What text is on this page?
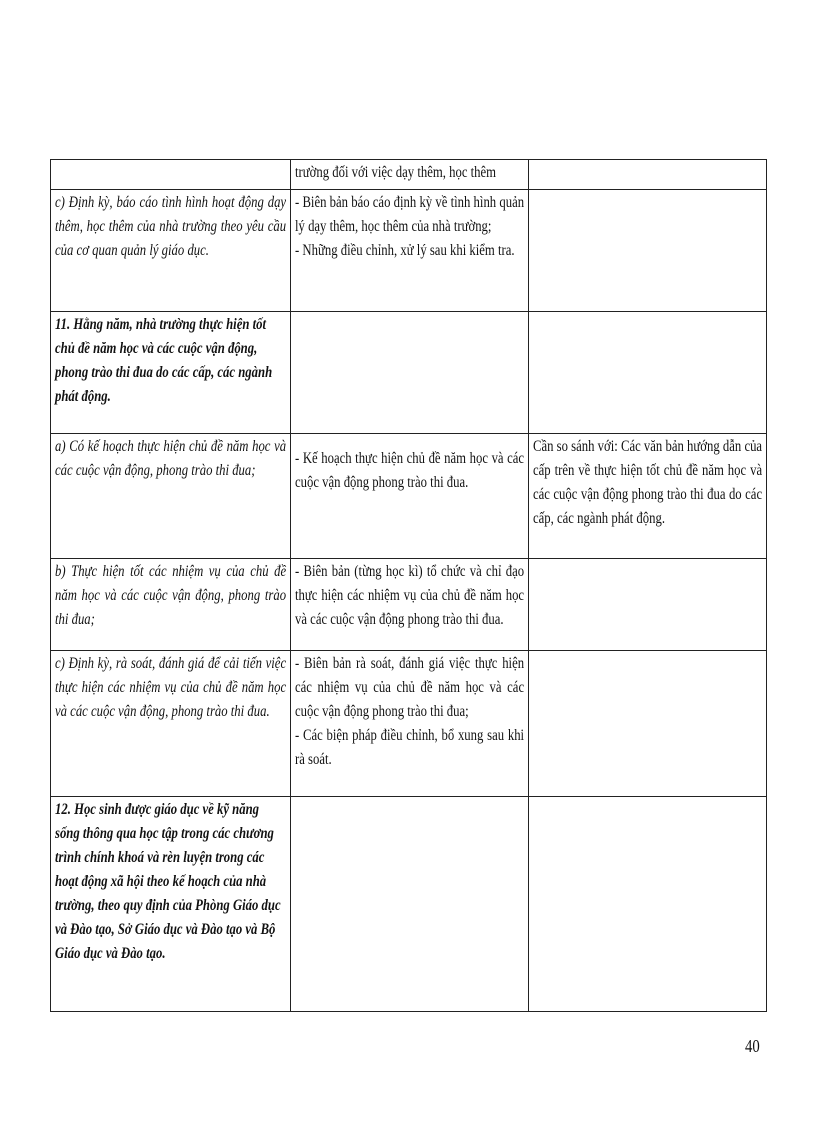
	trường đối với việc dạy thêm, học thêm	

c) Định kỳ, báo cáo tình hình hoạt động dạy thêm, học thêm của nhà trường theo yêu cầu của cơ quan quản lý giáo dục.	- Biên bản báo cáo định kỳ về tình hình quản lý dạy thêm, học thêm của nhà trường;
- Những điều chỉnh, xử lý sau khi kiểm tra.	

11. Hằng năm, nhà trường thực hiện tốt chủ đề năm học và các cuộc vận động, phong trào thi đua do các cấp, các ngành phát động.		

a) Có kế hoạch thực hiện chủ đề năm học và các cuộc vận động, phong trào thi đua;	- Kế hoạch thực hiện chủ đề năm học và các cuộc vận động phong trào thi đua.	Cần so sánh với: Các văn bản hướng dẫn của cấp trên về thực hiện tốt chủ đề năm học và các cuộc vận động phong trào thi đua do các cấp, các ngành phát động.

b) Thực hiện tốt các nhiệm vụ của chủ đề năm học và các cuộc vận động, phong trào thi đua;	- Biên bản (từng học kì) tổ chức và chỉ đạo thực hiện các nhiệm vụ của chủ đề năm học và các cuộc vận động phong trào thi đua.	

c) Định kỳ, rà soát, đánh giá để cải tiến việc thực hiện các nhiệm vụ của chủ đề năm học và các cuộc vận động, phong trào thi đua.	- Biên bản rà soát, đánh giá việc thực hiện các nhiệm vụ của chủ đề năm học và các cuộc vận động phong trào thi đua;
- Các biện pháp điều chỉnh, bổ xung sau khi rà soát.	

12. Học sinh được giáo dục về kỹ năng sống thông qua học tập trong các chương trình chính khoá và rèn luyện trong các hoạt động xã hội theo kế hoạch của nhà trường, theo quy định của Phòng Giáo dục và Đào tạo, Sở Giáo dục và Đào tạo và Bộ Giáo dục và Đào tạo.		

40
